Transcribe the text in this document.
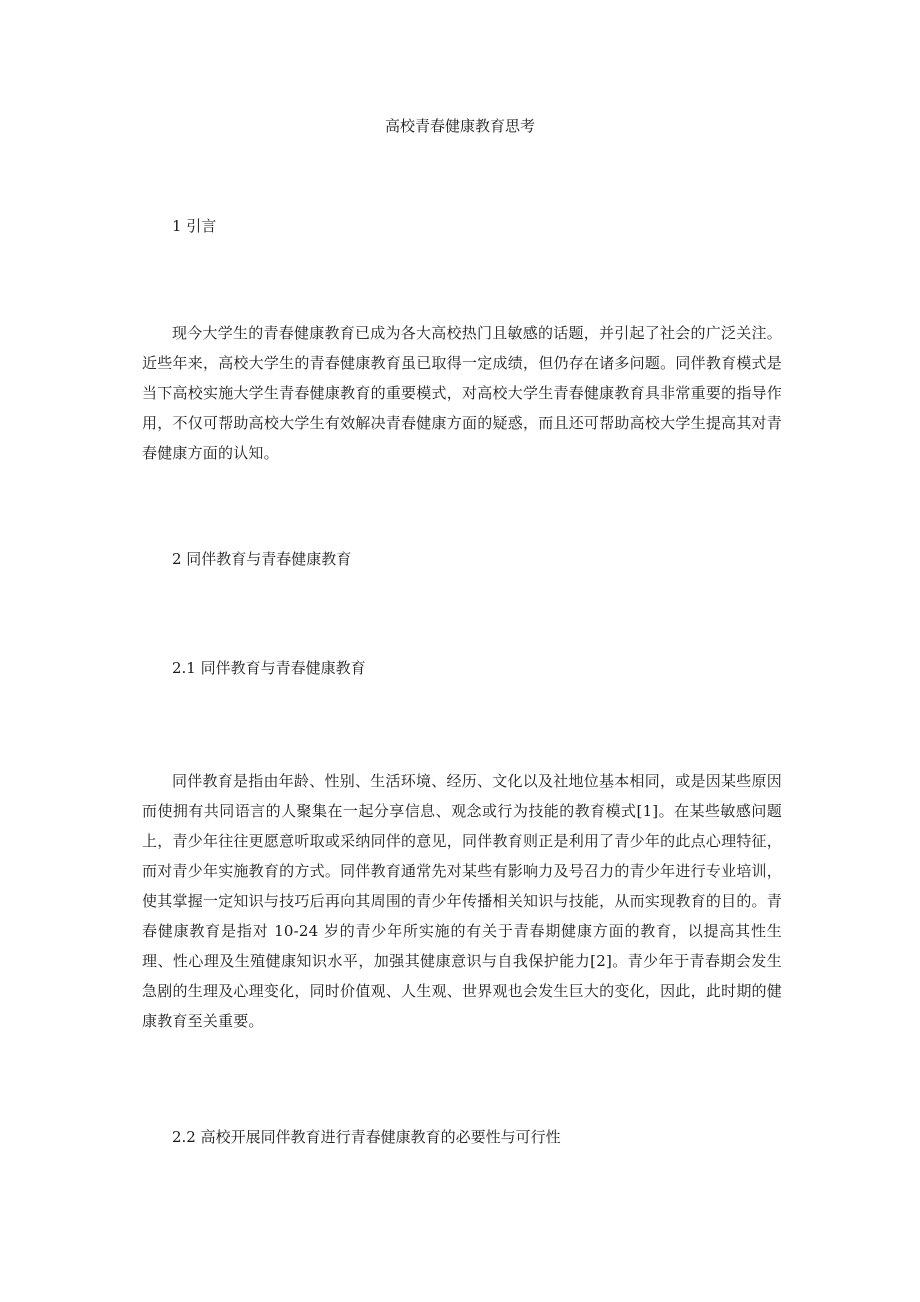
高校青春健康教育思考
1 引言
现今大学生的青春健康教育已成为各大高校热门且敏感的话题，并引起了社会的广泛关注。近些年来，高校大学生的青春健康教育虽已取得一定成绩，但仍存在诸多问题。同伴教育模式是当下高校实施大学生青春健康教育的重要模式，对高校大学生青春健康教育具非常重要的指导作用，不仅可帮助高校大学生有效解决青春健康方面的疑惑，而且还可帮助高校大学生提高其对青春健康方面的认知。
2 同伴教育与青春健康教育
2.1 同伴教育与青春健康教育
同伴教育是指由年龄、性别、生活环境、经历、文化以及社地位基本相同，或是因某些原因而使拥有共同语言的人聚集在一起分享信息、观念或行为技能的教育模式[1]。在某些敏感问题上，青少年往往更愿意听取或采纳同伴的意见，同伴教育则正是利用了青少年的此点心理特征，而对青少年实施教育的方式。同伴教育通常先对某些有影响力及号召力的青少年进行专业培训，使其掌握一定知识与技巧后再向其周围的青少年传播相关知识与技能，从而实现教育的目的。青春健康教育是指对 10-24 岁的青少年所实施的有关于青春期健康方面的教育，以提高其性生理、性心理及生殖健康知识水平，加强其健康意识与自我保护能力[2]。青少年于青春期会发生急剧的生理及心理变化，同时价值观、人生观、世界观也会发生巨大的变化，因此，此时期的健康教育至关重要。
2.2 高校开展同伴教育进行青春健康教育的必要性与可行性
